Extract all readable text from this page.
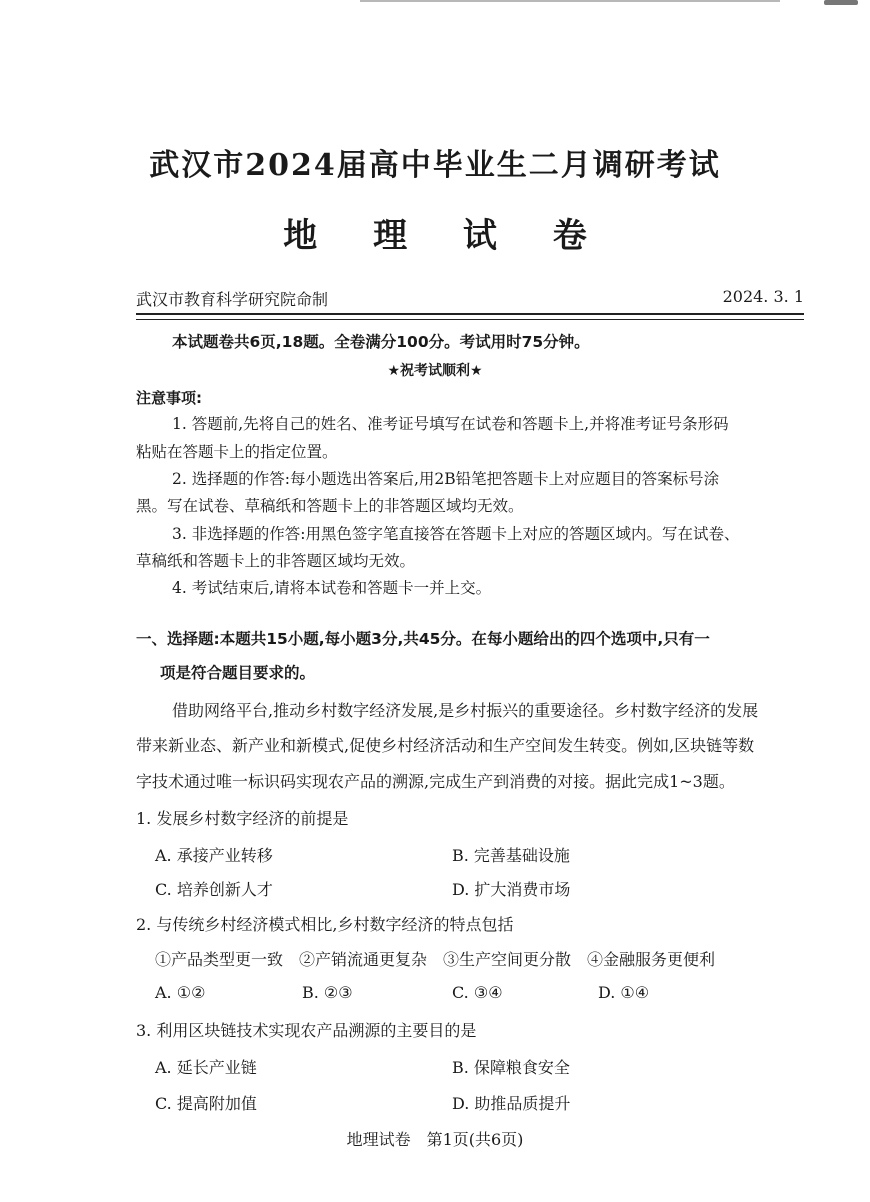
武汉市2024届高中毕业生二月调研考试
地 理 试 卷
武汉市教育科学研究院命制	2024. 3. 1
本试题卷共6页,18题。全卷满分100分。考试用时75分钟。
★祝考试顺利★
注意事项:
1. 答题前,先将自己的姓名、准考证号填写在试卷和答题卡上,并将准考证号条形码
粘贴在答题卡上的指定位置。
2. 选择题的作答:每小题选出答案后,用2B铅笔把答题卡上对应题目的答案标号涂
黑。写在试卷、草稿纸和答题卡上的非答题区域均无效。
3. 非选择题的作答:用黑色签字笔直接答在答题卡上对应的答题区域内。写在试卷、
草稿纸和答题卡上的非答题区域均无效。
4. 考试结束后,请将本试卷和答题卡一并上交。
一、选择题:本题共15小题,每小题3分,共45分。在每小题给出的四个选项中,只有一
项是符合题目要求的。
借助网络平台,推动乡村数字经济发展,是乡村振兴的重要途径。乡村数字经济的发展
带来新业态、新产业和新模式,促使乡村经济活动和生产空间发生转变。例如,区块链等数
字技术通过唯一标识码实现农产品的溯源,完成生产到消费的对接。据此完成1~3题。
1. 发展乡村数字经济的前提是
A. 承接产业转移	B. 完善基础设施
C. 培养创新人才	D. 扩大消费市场
2. 与传统乡村经济模式相比,乡村数字经济的特点包括
①产品类型更一致　②产销流通更复杂　③生产空间更分散　④金融服务更便利
A. ①②	B. ②③	C. ③④	D. ①④
3. 利用区块链技术实现农产品溯源的主要目的是
A. 延长产业链	B. 保障粮食安全
C. 提高附加值	D. 助推品质提升
地理试卷　第1页(共6页)
